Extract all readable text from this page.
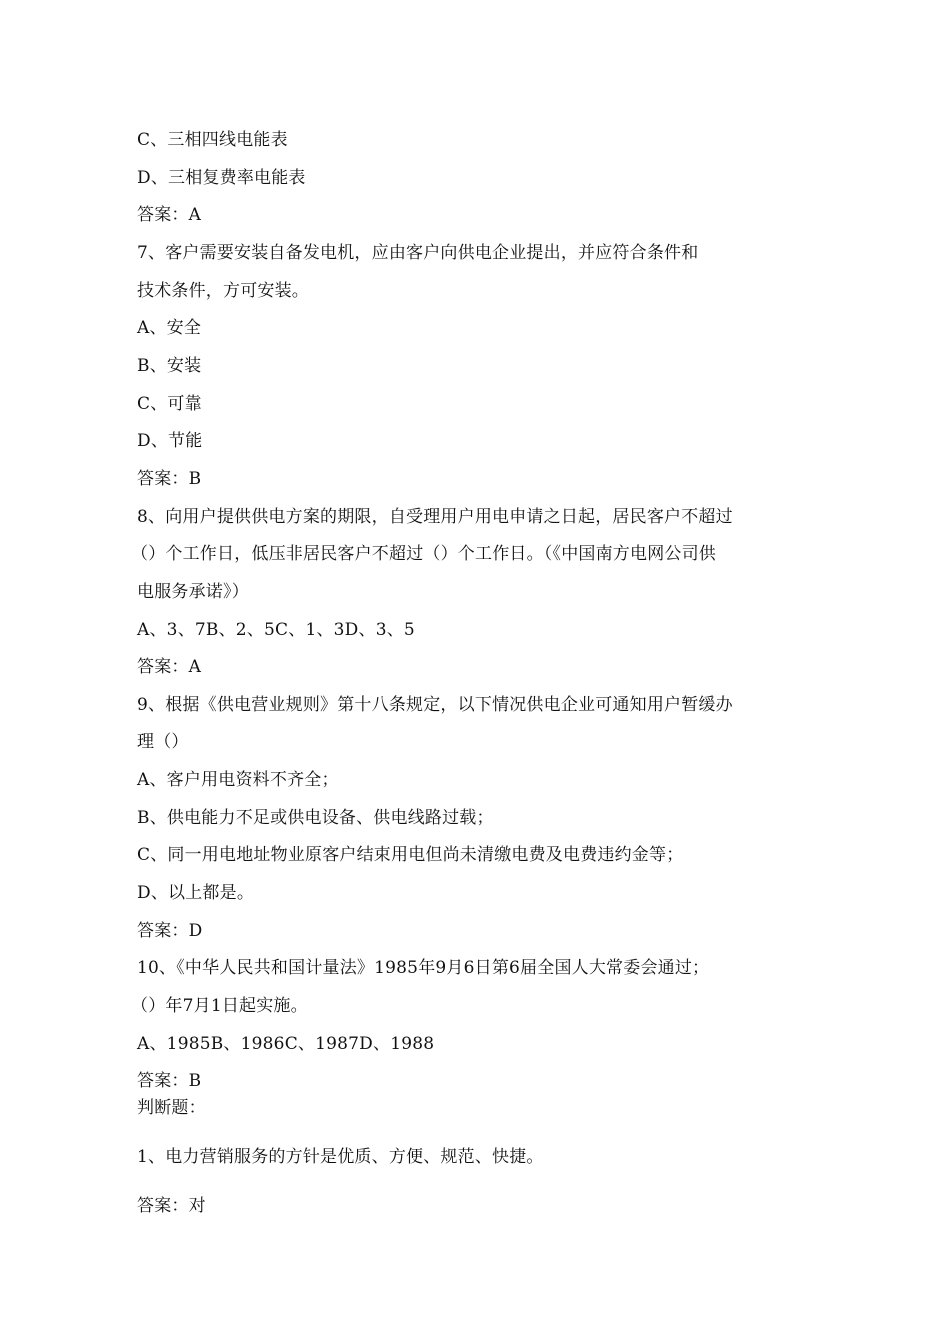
C、三相四线电能表
D、三相复费率电能表
答案：A
7、客户需要安装自备发电机，应由客户向供电企业提出，并应符合条件和
技术条件，方可安装。
A、安全
B、安装
C、可靠
D、节能
答案：B
8、向用户提供供电方案的期限，自受理用户用电申请之日起，居民客户不超过
（）个工作日，低压非居民客户不超过（）个工作日。（《中国南方电网公司供
电服务承诺》）
A、3、7B、2、5C、1、3D、3、5
答案：A
9、根据《供电营业规则》第十八条规定，以下情况供电企业可通知用户暂缓办
理（）
A、客户用电资料不齐全；
B、供电能力不足或供电设备、供电线路过载；
C、同一用电地址物业原客户结束用电但尚未清缴电费及电费违约金等；
D、以上都是。
答案：D
10、《中华人民共和国计量法》1985年9月6日第6届全国人大常委会通过；
（）年7月1日起实施。
A、1985B、1986C、1987D、1988
答案：B
判断题：
1、电力营销服务的方针是优质、方便、规范、快捷。
答案：对
